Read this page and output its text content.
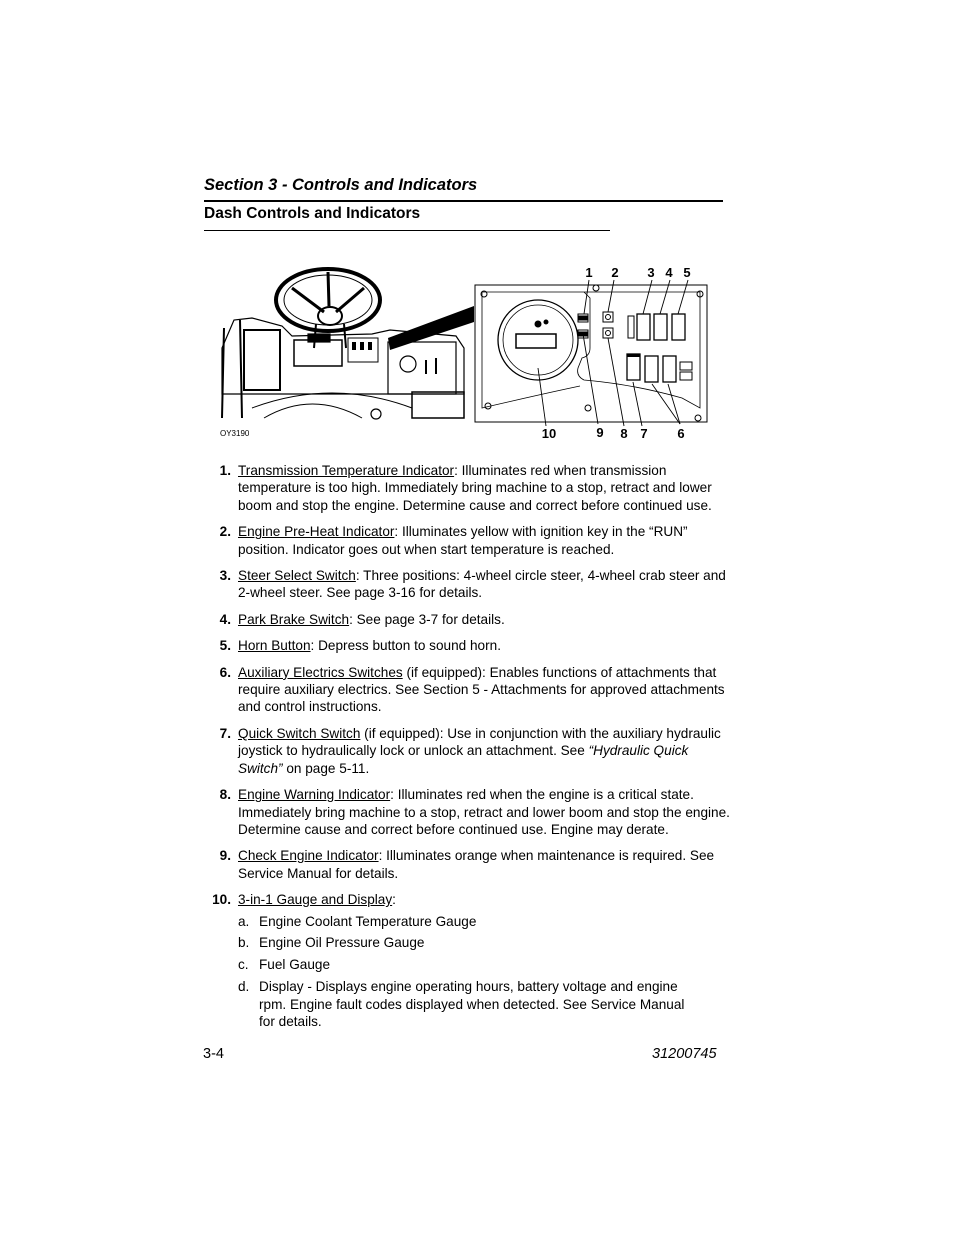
Section 3 - Controls and Indicators
Dash Controls and Indicators
1 2 3 4 5
10	9 8 7 6
OY3190
1. Transmission Temperature Indicator: Illuminates red when transmission temperature is too high. Immediately bring machine to a stop, retract and lower boom and stop the engine. Determine cause and correct before continued use.
2. Engine Pre-Heat Indicator: Illuminates yellow with ignition key in the “RUN” position. Indicator goes out when start temperature is reached.
3. Steer Select Switch: Three positions: 4-wheel circle steer, 4-wheel crab steer and 2-wheel steer. See page 3-16 for details.
4. Park Brake Switch: See page 3-7 for details.
5. Horn Button: Depress button to sound horn.
6. Auxiliary Electrics Switches (if equipped): Enables functions of attachments that require auxiliary electrics. See Section 5 - Attachments for approved attachments and control instructions.
7. Quick Switch Switch (if equipped): Use in conjunction with the auxiliary hydraulic joystick to hydraulically lock or unlock an attachment. See “Hydraulic Quick Switch” on page 5-11.
8. Engine Warning Indicator: Illuminates red when the engine is a critical state. Immediately bring machine to a stop, retract and lower boom and stop the engine. Determine cause and correct before continued use. Engine may derate.
9. Check Engine Indicator: Illuminates orange when maintenance is required. See Service Manual for details.
10. 3-in-1 Gauge and Display:
a. Engine Coolant Temperature Gauge
b. Engine Oil Pressure Gauge
c. Fuel Gauge
d. Display - Displays engine operating hours, battery voltage and engine rpm. Engine fault codes displayed when detected. See Service Manual for details.
3-4	31200745
